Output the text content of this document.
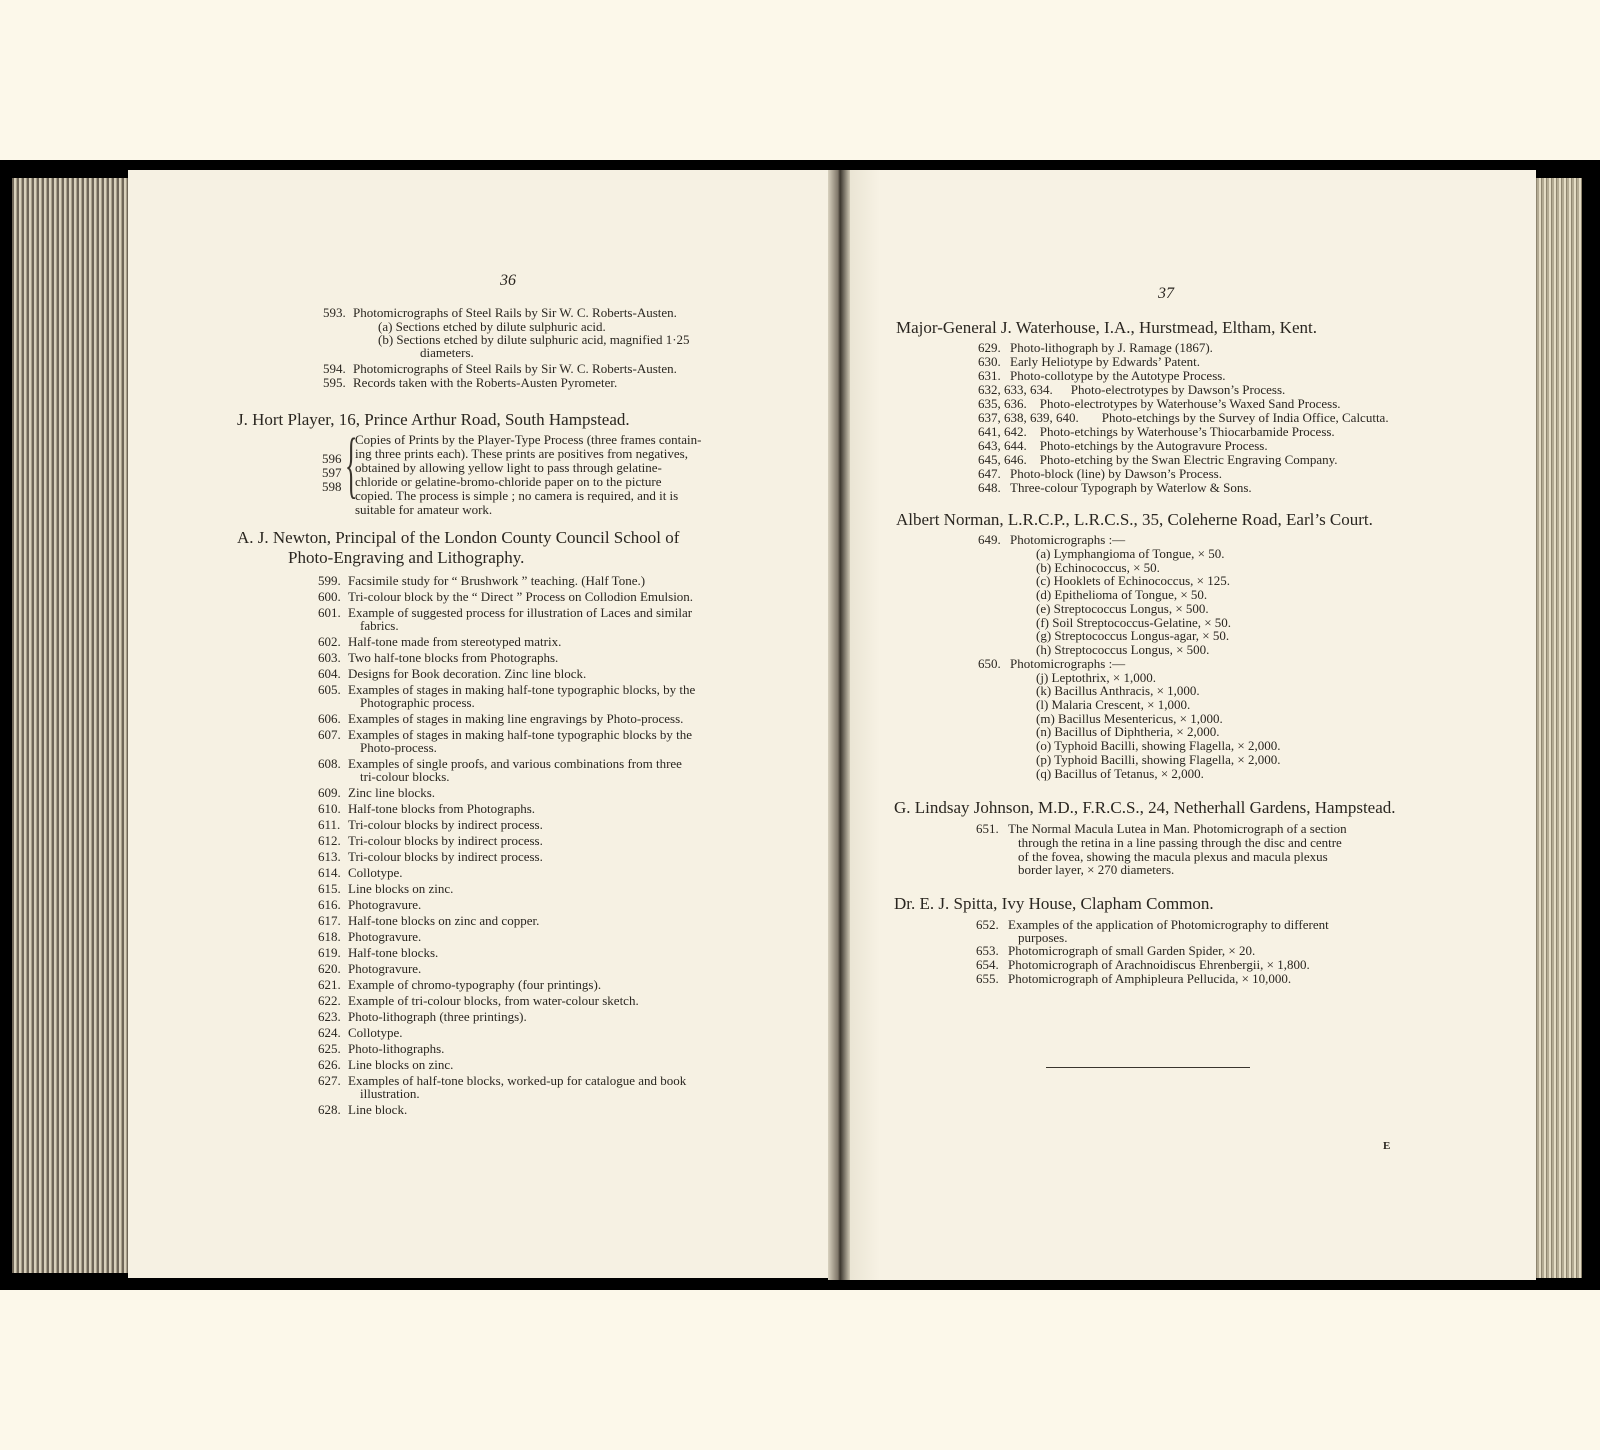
36
593. Photomicrographs of Steel Rails by Sir W. C. Roberts-Austen.
(a) Sections etched by dilute sulphuric acid.
(b) Sections etched by dilute sulphuric acid, magnified 1·25
diameters.
594. Photomicrographs of Steel Rails by Sir W. C. Roberts-Austen.
595. Records taken with the Roberts-Austen Pyrometer.
J. Hort Player, 16, Prince Arthur Road, South Hampstead.
{
596
597
598
Copies of Prints by the Player-Type Process (three frames contain-
ing three prints each). These prints are positives from negatives,
obtained by allowing yellow light to pass through gelatine-
chloride or gelatine-bromo-chloride paper on to the picture
copied. The process is simple ; no camera is required, and it is
suitable for amateur work.
A. J. Newton, Principal of the London County Council School of
Photo-Engraving and Lithography.
599. Facsimile study for “ Brushwork ” teaching. (Half Tone.)
600. Tri-colour block by the “ Direct ” Process on Collodion Emulsion.
601. Example of suggested process for illustration of Laces and similar
fabrics.
602. Half-tone made from stereotyped matrix.
603. Two half-tone blocks from Photographs.
604. Designs for Book decoration. Zinc line block.
605. Examples of stages in making half-tone typographic blocks, by the
Photographic process.
606. Examples of stages in making line engravings by Photo-process.
607. Examples of stages in making half-tone typographic blocks by the
Photo-process.
608. Examples of single proofs, and various combinations from three
tri-colour blocks.
609. Zinc line blocks.
610. Half-tone blocks from Photographs.
611. Tri-colour blocks by indirect process.
612. Tri-colour blocks by indirect process.
613. Tri-colour blocks by indirect process.
614. Collotype.
615. Line blocks on zinc.
616. Photogravure.
617. Half-tone blocks on zinc and copper.
618. Photogravure.
619. Half-tone blocks.
620. Photogravure.
621. Example of chromo-typography (four printings).
622. Example of tri-colour blocks, from water-colour sketch.
623. Photo-lithograph (three printings).
624. Collotype.
625. Photo-lithographs.
626. Line blocks on zinc.
627. Examples of half-tone blocks, worked-up for catalogue and book
illustration.
628. Line block.
37
Major-General J. Waterhouse, I.A., Hurstmead, Eltham, Kent.
629. Photo-lithograph by J. Ramage (1867).
630. Early Heliotype by Edwards’ Patent.
631. Photo-collotype by the Autotype Process.
632, 633, 634. Photo-electrotypes by Dawson’s Process.
635, 636. Photo-electrotypes by Waterhouse’s Waxed Sand Process.
637, 638, 639, 640. Photo-etchings by the Survey of India Office, Calcutta.
641, 642. Photo-etchings by Waterhouse’s Thiocarbamide Process.
643, 644. Photo-etchings by the Autogravure Process.
645, 646. Photo-etching by the Swan Electric Engraving Company.
647. Photo-block (line) by Dawson’s Process.
648. Three-colour Typograph by Waterlow & Sons.
Albert Norman, L.R.C.P., L.R.C.S., 35, Coleherne Road, Earl’s Court.
649. Photomicrographs :—
(a) Lymphangioma of Tongue, × 50.
(b) Echinococcus, × 50.
(c) Hooklets of Echinococcus, × 125.
(d) Epithelioma of Tongue, × 50.
(e) Streptococcus Longus, × 500.
(f) Soil Streptococcus-Gelatine, × 50.
(g) Streptococcus Longus-agar, × 50.
(h) Streptococcus Longus, × 500.
650. Photomicrographs :—
(j) Leptothrix, × 1,000.
(k) Bacillus Anthracis, × 1,000.
(l) Malaria Crescent, × 1,000.
(m) Bacillus Mesentericus, × 1,000.
(n) Bacillus of Diphtheria, × 2,000.
(o) Typhoid Bacilli, showing Flagella, × 2,000.
(p) Typhoid Bacilli, showing Flagella, × 2,000.
(q) Bacillus of Tetanus, × 2,000.
G. Lindsay Johnson, M.D., F.R.C.S., 24, Netherhall Gardens, Hampstead.
651. The Normal Macula Lutea in Man. Photomicrograph of a section
through the retina in a line passing through the disc and centre
of the fovea, showing the macula plexus and macula plexus
border layer, × 270 diameters.
Dr. E. J. Spitta, Ivy House, Clapham Common.
652. Examples of the application of Photomicrography to different
purposes.
653. Photomicrograph of small Garden Spider, × 20.
654. Photomicrograph of Arachnoidiscus Ehrenbergii, × 1,800.
655. Photomicrograph of Amphipleura Pellucida, × 10,000.
E
